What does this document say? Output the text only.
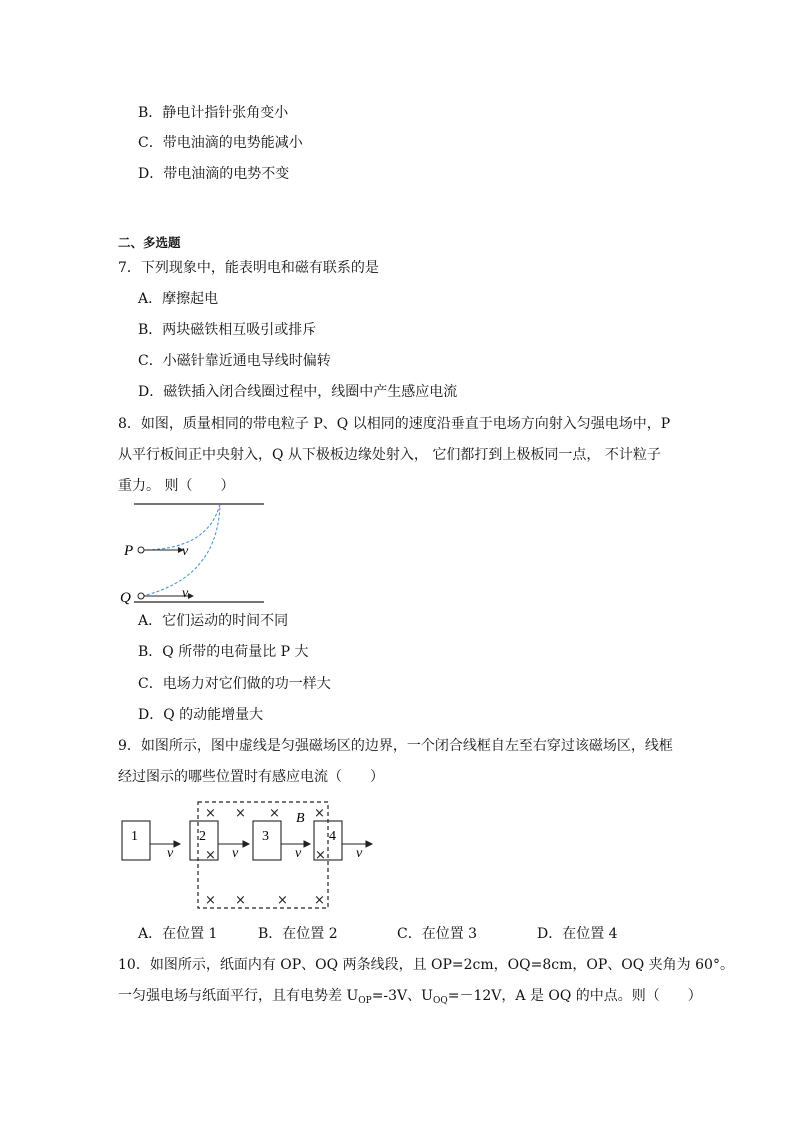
B．静电计指针张角变小
C．带电油滴的电势能减小
D．带电油滴的电势不变
二、多选题
7．下列现象中，能表明电和磁有联系的是
A．摩擦起电
B．两块磁铁相互吸引或排斥
C．小磁针靠近通电导线时偏转
D．磁铁插入闭合线圈过程中，线圈中产生感应电流
8．如图，质量相同的带电粒子 P、Q 以相同的速度沿垂直于电场方向射入匀强电场中，P
从平行板间正中央射入，Q 从下极板边缘处射入， 它们都打到上极板同一点， 不计粒子
重力。 则（　　）
P
Q
v
v
A．它们运动的时间不同
B．Q 所带的电荷量比 P 大
C．电场力对它们做的功一样大
D．Q 的动能增量大
9．如图所示，图中虚线是匀强磁场区的边界，一个闭合线框自左至右穿过该磁场区，线框
经过图示的哪些位置时有感应电流（　　）
1	2	3	4
v	v	v	v
B
× × ×	×
×	×
× × × ×
A．在位置 1	B．在位置 2	C．在位置 3	D．在位置 4
10．如图所示，纸面内有 OP、OQ 两条线段，且 OP=2cm，OQ=8cm，OP、OQ 夹角为 60°。
一匀强电场与纸面平行，且有电势差 $U_{OP}=-3V$、$U_{OQ}=-12V$，A 是 OQ 的中点。则（　　）
